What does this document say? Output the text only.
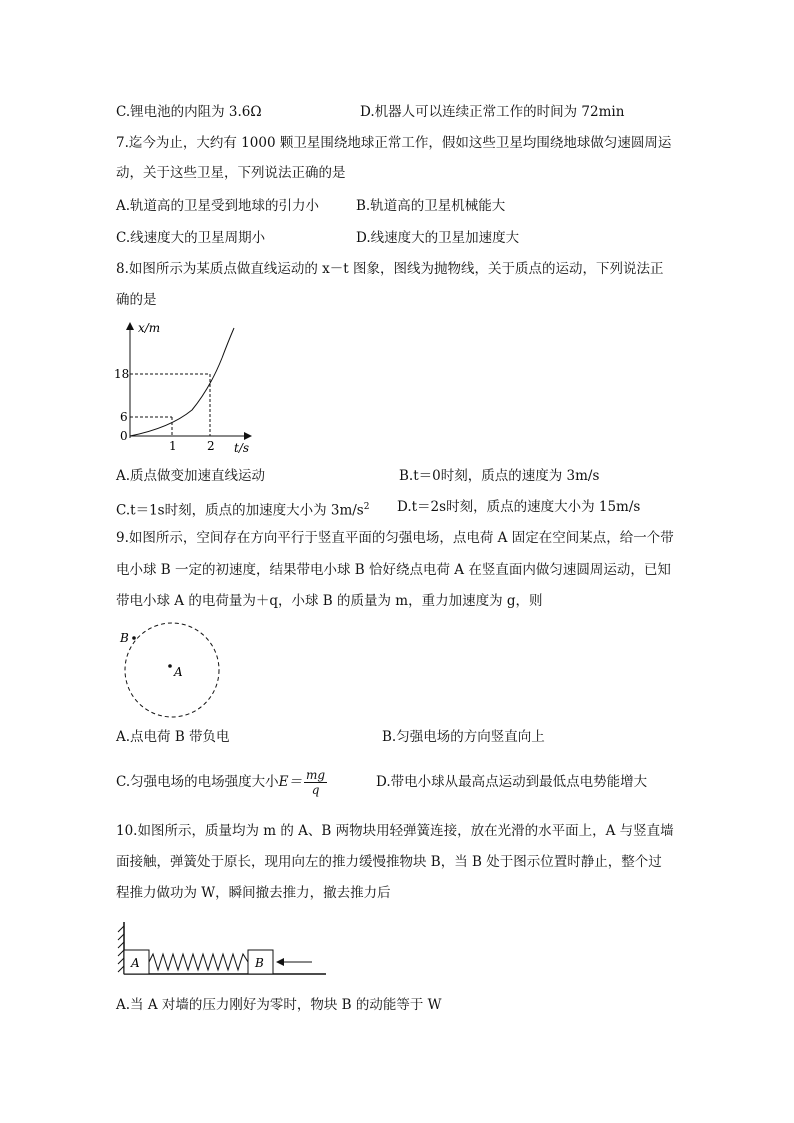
C.锂电池的内阻为 3.6Ω	D.机器人可以连续正常工作的时间为 72min
7.迄今为止，大约有 1000 颗卫星围绕地球正常工作，假如这些卫星均围绕地球做匀速圆周运
动，关于这些卫星，下列说法正确的是
A.轨道高的卫星受到地球的引力小	B.轨道高的卫星机械能大
C.线速度大的卫星周期小	D.线速度大的卫星加速度大
8.如图所示为某质点做直线运动的 x－t 图象，图线为抛物线，关于质点的运动，下列说法正
确的是
x/m
t/s
0
18
6
1	2
A.质点做变加速直线运动	B.t＝0时刻，质点的速度为 3m/s
C.t＝1s时刻，质点的加速度大小为 $3m/s^2$ D.t＝2s时刻，质点的速度大小为 15m/s
9.如图所示，空间存在方向平行于竖直平面的匀强电场，点电荷 A 固定在空间某点，给一个带
电小球 B 一定的初速度，结果带电小球 B 恰好绕点电荷 A 在竖直面内做匀速圆周运动，已知
带电小球 A 的电荷量为＋q，小球 B 的质量为 m，重力加速度为 g，则
B
A
A.点电荷 B 带负电	B.匀强电场的方向竖直向上
C.匀强电场的电场强度大小$E= \frac{mg}{q}$	D.带电小球从最高点运动到最低点电势能增大
10.如图所示，质量均为 m 的 A、B 两物块用轻弹簧连接，放在光滑的水平面上，A 与竖直墙
面接触，弹簧处于原长，现用向左的推力缓慢推物块 B，当 B 处于图示位置时静止，整个过
程推力做功为 W，瞬间撤去推力，撤去推力后
A	B
A.当 A 对墙的压力刚好为零时，物块 B 的动能等于 W
